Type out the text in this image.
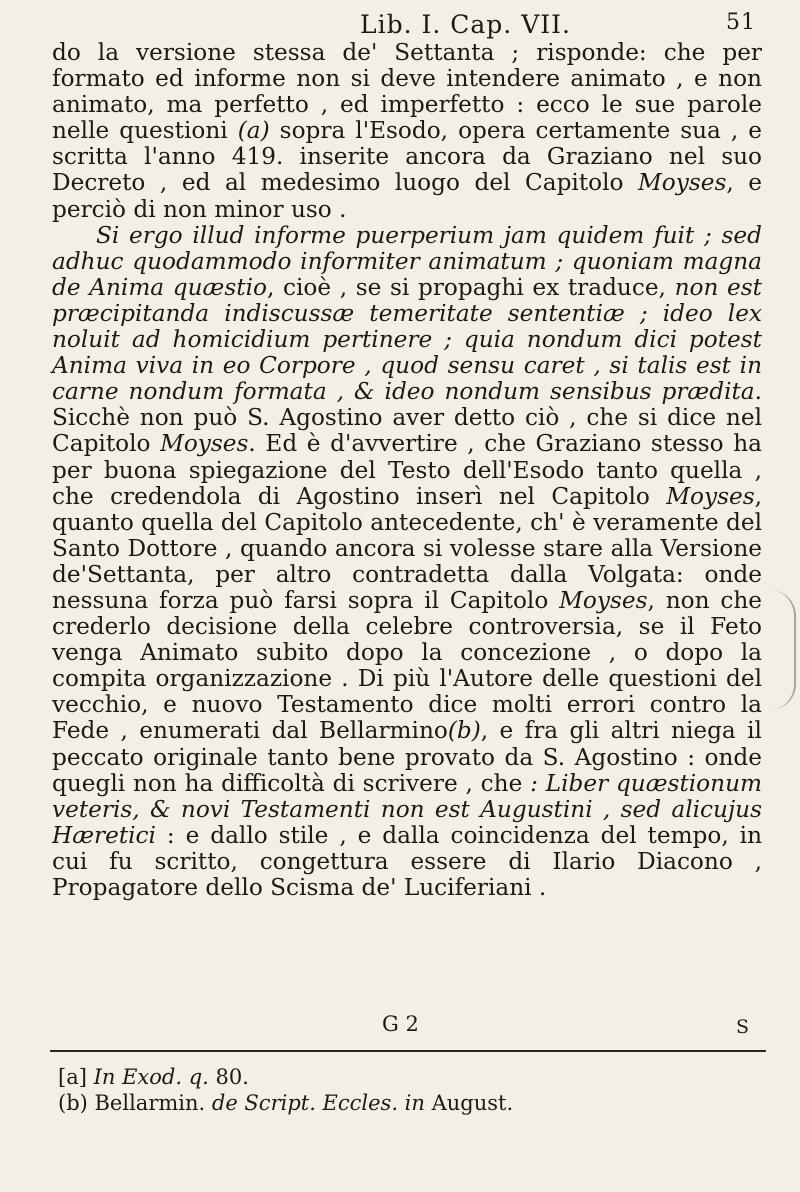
Lib. I. Cap. VII.	51

do la versione stessa de' Settanta ; risponde: che per formato ed informe non si deve intendere animato , e non animato, ma perfetto , ed imperfetto : ecco le sue parole nelle questioni (a) sopra l'Esodo, opera certamente sua , e scritta l'anno 419. inserite ancora da Graziano nel suo Decreto , ed al medesimo luogo del Capitolo Moyses, e perciò di non minor uso .

Si ergo illud informe puerperium jam quidem fuit ; sed adhuc quodammodo informiter animatum ; quoniam magna de Anima quæstio, cioè , se si propaghi ex traduce, non est præcipitanda indiscussæ temeritate sententiæ ; ideo lex noluit ad homicidium pertinere ; quia nondum dici potest Anima viva in eo Corpore , quod sensu caret , si talis est in carne nondum formata , & ideo nondum sensibus prædita. Sicchè non può S. Agostino aver detto ciò , che si dice nel Capitolo Moyses. Ed è d'avvertire , che Graziano stesso ha per buona spiegazione del Testo dell'Esodo tanto quella , che credendola di Agostino inserì nel Capitolo Moyses, quanto quella del Capitolo antecedente, ch' è veramente del Santo Dottore , quando ancora si volesse stare alla Versione de'Settanta, per altro contradetta dalla Volgata: onde nessuna forza può farsi sopra il Capitolo Moyses, non che crederlo decisione della celebre controversia, se il Feto venga Animato subito dopo la concezione , o dopo la compita organizzazione . Di più l'Autore delle questioni del vecchio, e nuovo Testamento dice molti errori contro la Fede , enumerati dal Bellarmino(b), e fra gli altri niega il peccato originale tanto bene provato da S. Agostino : onde quegli non ha difficoltà di scrivere , che : Liber quæstionum veteris, & novi Testamenti non est Augustini , sed alicujus Hæretici : e dallo stile , e dalla coincidenza del tempo, in cui fu scritto, congettura essere di Ilario Diacono , Propagatore dello Scisma de' Luciferiani .

G 2	S
[a] In Exod. q. 80.
(b) Bellarmin. de Script. Eccles. in August.
